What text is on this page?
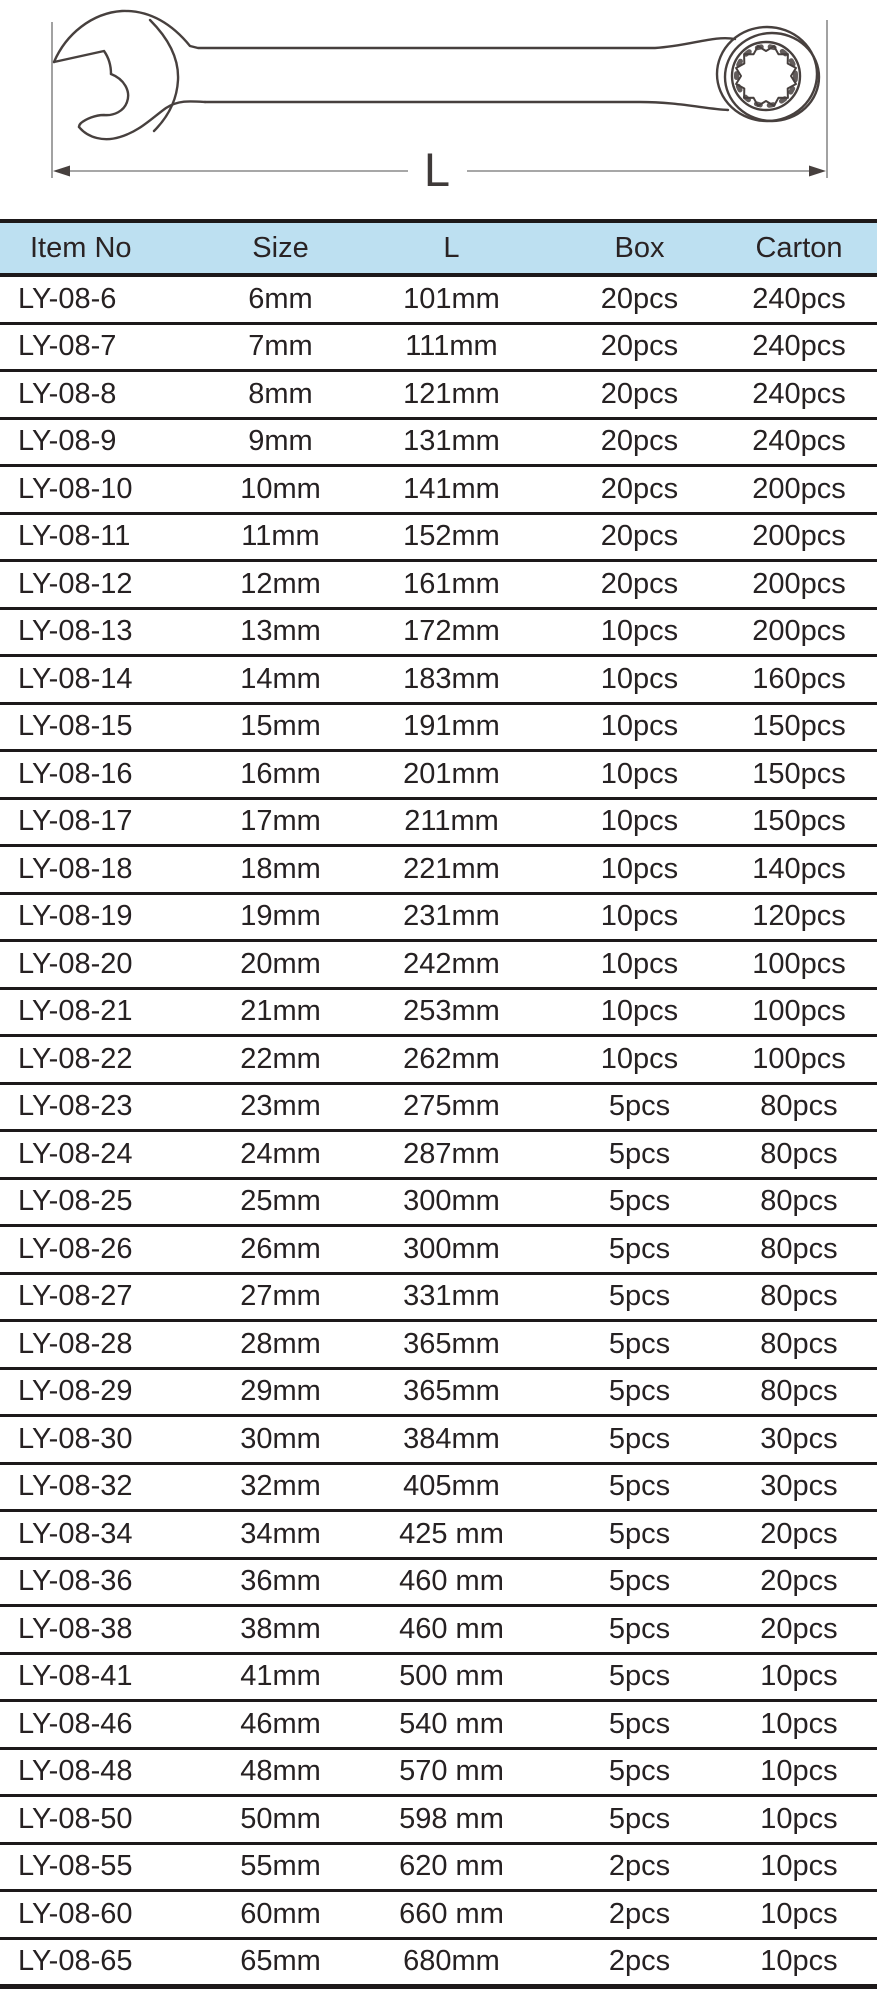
L
Item No	Size	L	Box	Carton
LY-08-6	6mm	101mm	20pcs	240pcs
LY-08-7	7mm	111mm	20pcs	240pcs
LY-08-8	8mm	121mm	20pcs	240pcs
LY-08-9	9mm	131mm	20pcs	240pcs
LY-08-10	10mm	141mm	20pcs	200pcs
LY-08-11	11mm	152mm	20pcs	200pcs
LY-08-12	12mm	161mm	20pcs	200pcs
LY-08-13	13mm	172mm	10pcs	200pcs
LY-08-14	14mm	183mm	10pcs	160pcs
LY-08-15	15mm	191mm	10pcs	150pcs
LY-08-16	16mm	201mm	10pcs	150pcs
LY-08-17	17mm	211mm	10pcs	150pcs
LY-08-18	18mm	221mm	10pcs	140pcs
LY-08-19	19mm	231mm	10pcs	120pcs
LY-08-20	20mm	242mm	10pcs	100pcs
LY-08-21	21mm	253mm	10pcs	100pcs
LY-08-22	22mm	262mm	10pcs	100pcs
LY-08-23	23mm	275mm	5pcs	80pcs
LY-08-24	24mm	287mm	5pcs	80pcs
LY-08-25	25mm	300mm	5pcs	80pcs
LY-08-26	26mm	300mm	5pcs	80pcs
LY-08-27	27mm	331mm	5pcs	80pcs
LY-08-28	28mm	365mm	5pcs	80pcs
LY-08-29	29mm	365mm	5pcs	80pcs
LY-08-30	30mm	384mm	5pcs	30pcs
LY-08-32	32mm	405mm	5pcs	30pcs
LY-08-34	34mm	425 mm	5pcs	20pcs
LY-08-36	36mm	460 mm	5pcs	20pcs
LY-08-38	38mm	460 mm	5pcs	20pcs
LY-08-41	41mm	500 mm	5pcs	10pcs
LY-08-46	46mm	540 mm	5pcs	10pcs
LY-08-48	48mm	570 mm	5pcs	10pcs
LY-08-50	50mm	598 mm	5pcs	10pcs
LY-08-55	55mm	620 mm	2pcs	10pcs
LY-08-60	60mm	660 mm	2pcs	10pcs
LY-08-65	65mm	680mm	2pcs	10pcs
